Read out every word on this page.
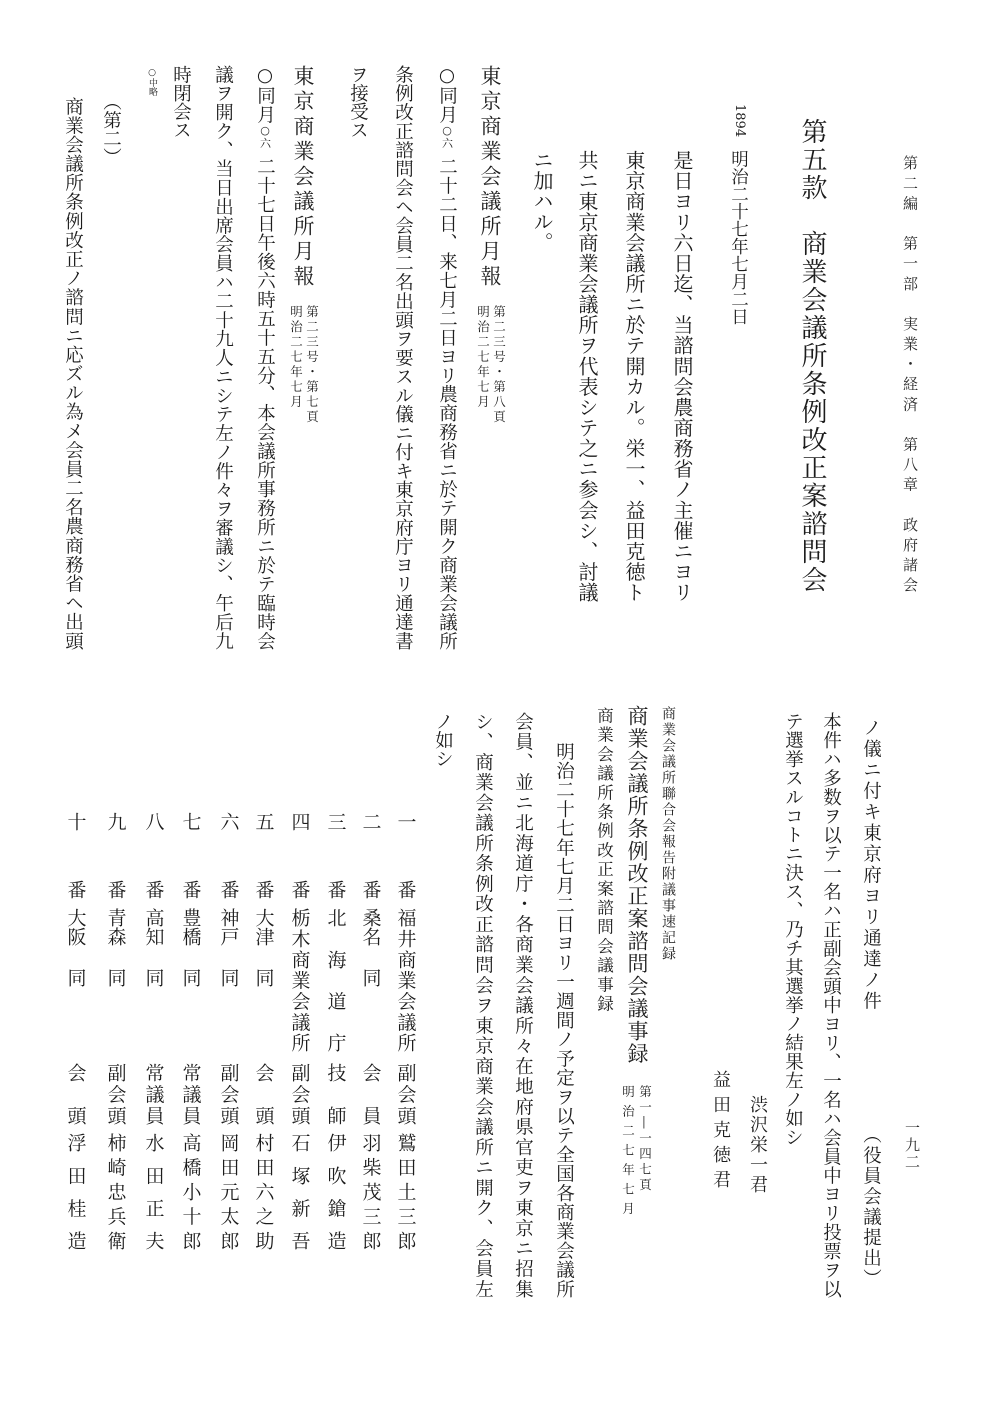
第二編　第一部　実業・経済　第八章　政府諸会
第五款　商業会議所条例改正案諮問会
1894
明治二十七年七月二日
是日ヨリ六日迄、当諮問会農商務省ノ主催ニヨリ
東京商業会議所ニ於テ開カル。栄一、益田克徳ト
共ニ東京商業会議所ヲ代表シテ之ニ参会シ、討議
ニ加ハル。
東京商業会議所月報
第二三号・第八頁
明治二七年七月
○同月○六二十二日、来七月二日ヨリ農商務省ニ於テ開ク商業会議所
条例改正諮問会ヘ会員二名出頭ヲ要スル儀ニ付キ東京府庁ヨリ通達書
ヲ接受ス
東京商業会議所月報
第二三号・第七頁
明治二七年七月
○同月○六二十七日午後六時五十五分、本会議所事務所ニ於テ臨時会
議ヲ開ク、当日出席会員ハ二十九人ニシテ左ノ件々ヲ審議シ、午后九
時閉会ス
○中略
（第二）
商業会議所条例改正ノ諮問ニ応ズル為メ会員二名農商務省ヘ出頭
一九二
ノ儀ニ付キ東京府ヨリ通達ノ件
（役員会議提出）
本件ハ多数ヲ以テ一名ハ正副会頭中ヨリ、一名ハ会員中ヨリ投票ヲ以
テ選挙スルコトニ決ス、乃チ其選挙ノ結果左ノ如シ
渋沢栄一君
益田克徳君
商業会議所聯合会報告附議事速記録
商業会議所条例改正案諮問会議事録
第一―一四七頁
明治二七年七月
商業会議所条例改正案諮問会議事録
明治二十七年七月二日ヨリ一週間ノ予定ヲ以テ全国各商業会議所
会員、並ニ北海道庁・各商業会議所々在地府県官吏ヲ東京ニ招集
シ、商業会議所条例改正諮問会ヲ東京商業会議所ニ開ク、会員左
ノ如シ
一
番
福井商業会議所
副会頭
鷲田土三郎
二
番
桑名
同
会員
羽柴茂三郎
三
番
北海道庁
技師
伊吹鎗造
四
番
栃木商業会議所
副会頭
石塚新吾
五
番
大津
同
会頭
村田六之助
六
番
神戸
同
副会頭
岡田元太郎
七
番
豊橋
同
常議員
高橋小十郎
八
番
高知
同
常議員
水田正夫
九
番
青森
同
副会頭
柿崎忠兵衛
十
番
大阪
同
会頭
浮田桂造
